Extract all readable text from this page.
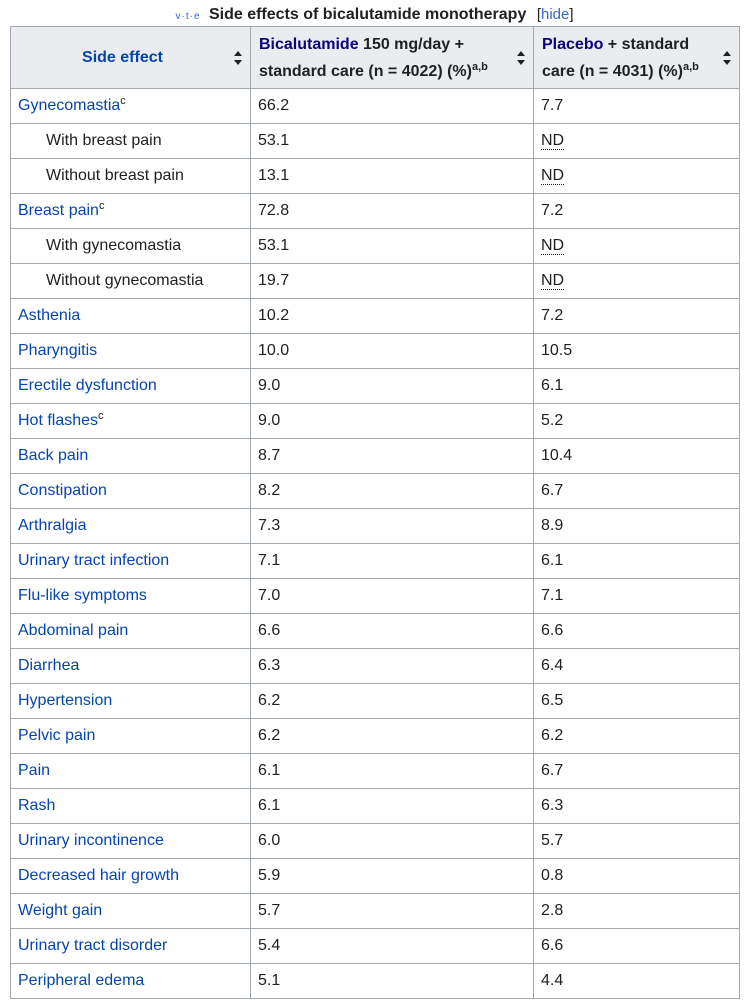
v·t·e Side effects of bicalutamide monotherapy [hide]
Side effect	Bicalutamide 150 mg/day + standard care (n = 4022) (%)$^{a,b}$	Placebo + standard care (n = 4031) (%)$^{a,b}$

Gynecomastia$^c$	66.2	7.7
With breast pain	53.1	ND
Without breast pain	13.1	ND
Breast pain$^c$	72.8	7.2
With gynecomastia	53.1	ND
Without gynecomastia	19.7	ND
Asthenia	10.2	7.2
Pharyngitis	10.0	10.5
Erectile dysfunction	9.0	6.1
Hot flashes$^c$	9.0	5.2
Back pain	8.7	10.4
Constipation	8.2	6.7
Arthralgia	7.3	8.9
Urinary tract infection	7.1	6.1
Flu-like symptoms	7.0	7.1
Abdominal pain	6.6	6.6
Diarrhea	6.3	6.4
Hypertension	6.2	6.5
Pelvic pain	6.2	6.2
Pain	6.1	6.7
Rash	6.1	6.3
Urinary incontinence	6.0	5.7
Decreased hair growth	5.9	0.8
Weight gain	5.7	2.8
Urinary tract disorder	5.4	6.6
Peripheral edema	5.1	4.4
